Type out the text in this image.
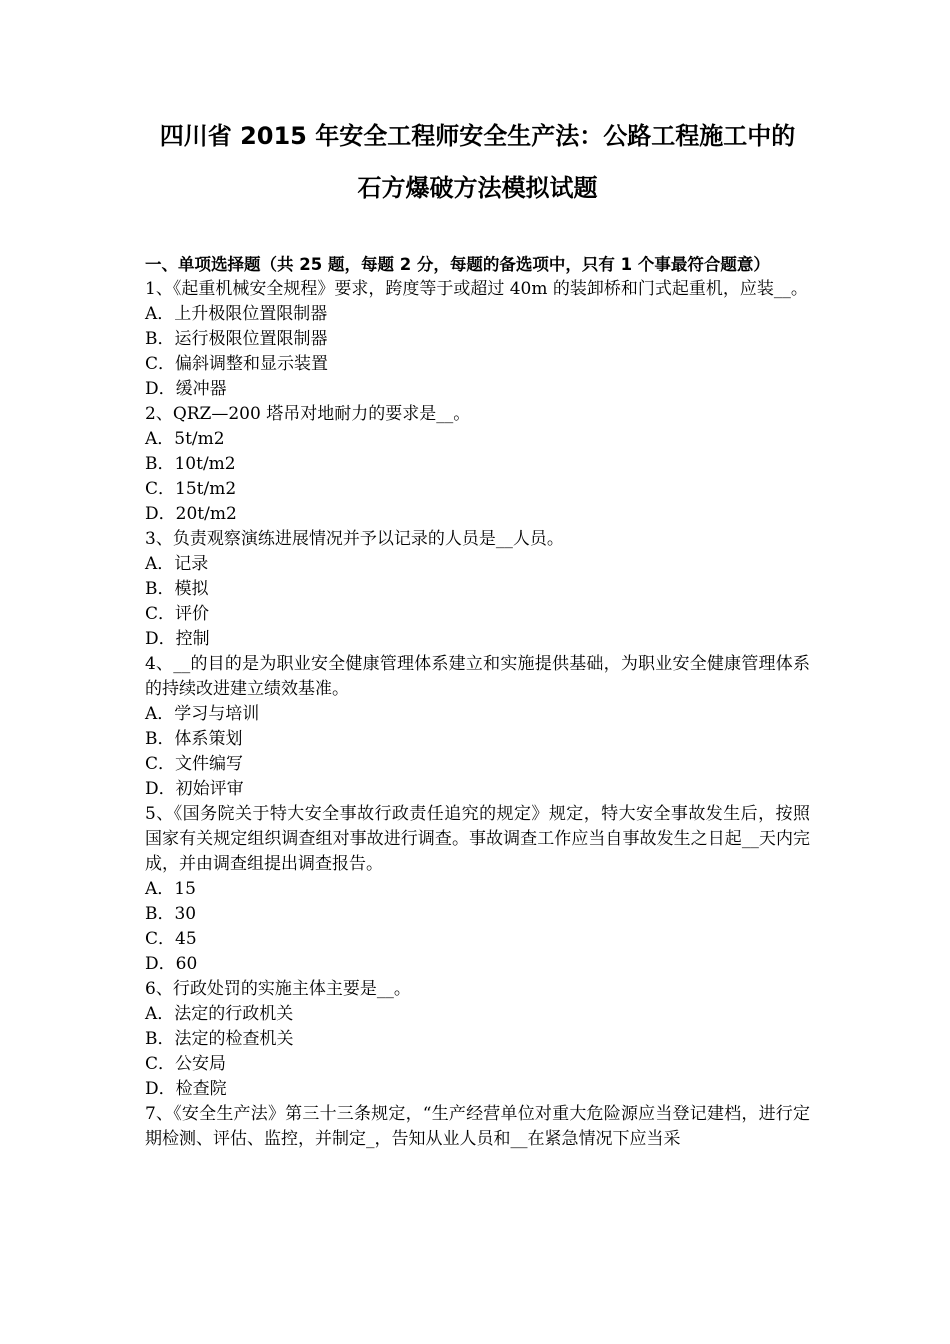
四川省 2015 年安全工程师安全生产法：公路工程施工中的
石方爆破方法模拟试题
一、单项选择题（共 25 题，每题 2 分，每题的备选项中，只有 1 个事最符合题意）
1、《起重机械安全规程》要求，跨度等于或超过 40m 的装卸桥和门式起重机，应装__。
A．上升极限位置限制器
B．运行极限位置限制器
C．偏斜调整和显示装置
D．缓冲器
2、QRZ—200 塔吊对地耐力的要求是__。
A．5t/m2
B．10t/m2
C．15t/m2
D．20t/m2
3、负责观察演练进展情况并予以记录的人员是__人员。
A．记录
B．模拟
C．评价
D．控制
4、__的目的是为职业安全健康管理体系建立和实施提供基础，为职业安全健康管理体系的持续改进建立绩效基准。
A．学习与培训
B．体系策划
C．文件编写
D．初始评审
5、《国务院关于特大安全事故行政责任追究的规定》规定，特大安全事故发生后，按照国家有关规定组织调查组对事故进行调查。事故调查工作应当自事故发生之日起__天内完成，并由调查组提出调查报告。
A．15
B．30
C．45
D．60
6、行政处罚的实施主体主要是__。
A．法定的行政机关
B．法定的检查机关
C．公安局
D．检查院
7、《安全生产法》第三十三条规定，“生产经营单位对重大危险源应当登记建档，进行定期检测、评估、监控，并制定_，告知从业人员和__在紧急情况下应当采
